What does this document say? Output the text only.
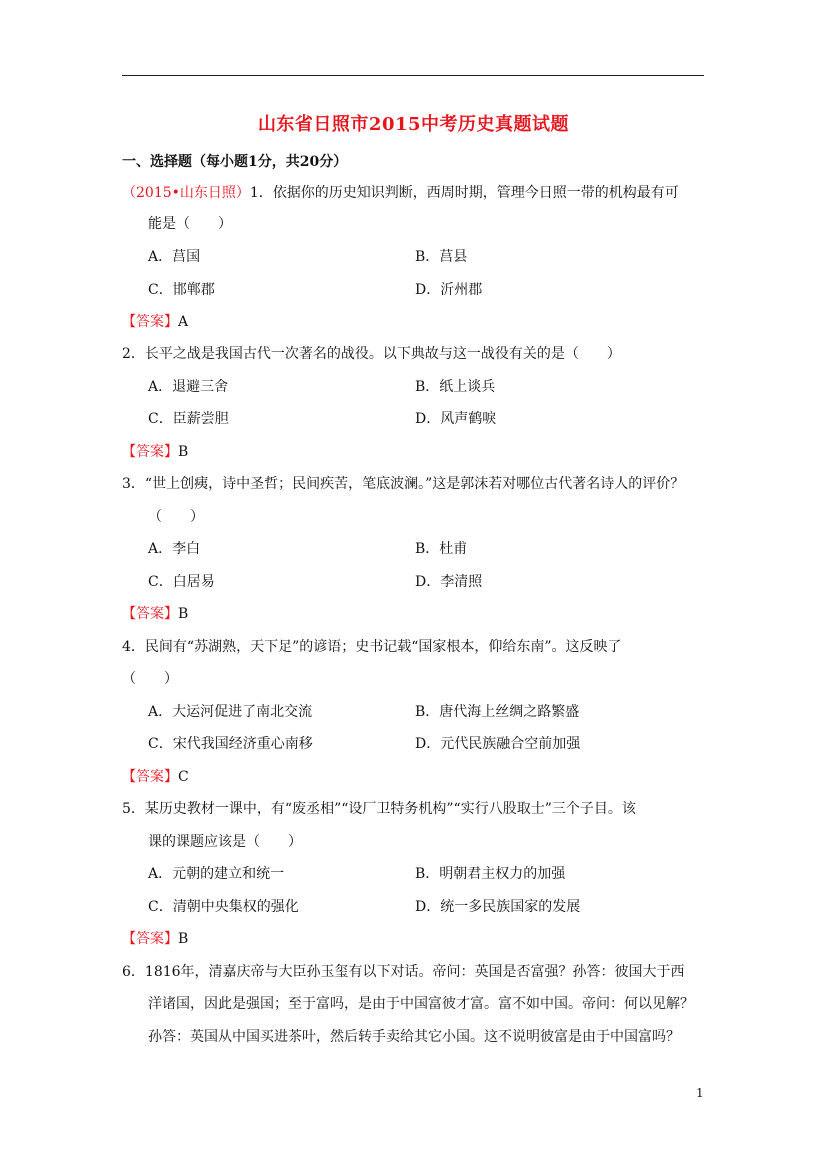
山东省日照市2015中考历史真题试题
一、选择题（每小题1分，共20分）
（2015•山东日照）1．依据你的历史知识判断，西周时期，管理今日照一带的机构最有可
能是（　　）
A．莒国	B．莒县
C．邯郸郡	D．沂州郡
【答案】A
2．长平之战是我国古代一次著名的战役。以下典故与这一战役有关的是（　　）
A．退避三舍	B．纸上谈兵
C．臣薪尝胆	D．风声鹤唳
【答案】B
3．“世上创痍，诗中圣哲；民间疾苦，笔底波澜。”这是郭沫若对哪位古代著名诗人的评价？
（　　）
A．李白	B．杜甫
C．白居易	D．李清照
【答案】B
4．民间有“苏湖熟，天下足”的谚语；史书记载“国家根本，仰给东南”。这反映了
（　　）
A．大运河促进了南北交流	B．唐代海上丝绸之路繁盛
C．宋代我国经济重心南移	D．元代民族融合空前加强
【答案】C
5．某历史教材一课中，有“废丞相”“设厂卫特务机构”“实行八股取士”三个子目。该
课的课题应该是（　　）
A．元朝的建立和统一	B．明朝君主权力的加强
C．清朝中央集权的强化	D．统一多民族国家的发展
【答案】B
6．1816年，清嘉庆帝与大臣孙玉玺有以下对话。帝问：英国是否富强？孙答：彼国大于西
洋诸国，因此是强国；至于富吗，是由于中国富彼才富。富不如中国。帝问：何以见解？
孙答：英国从中国买进茶叶，然后转手卖给其它小国。这不说明彼富是由于中国富吗？
1
